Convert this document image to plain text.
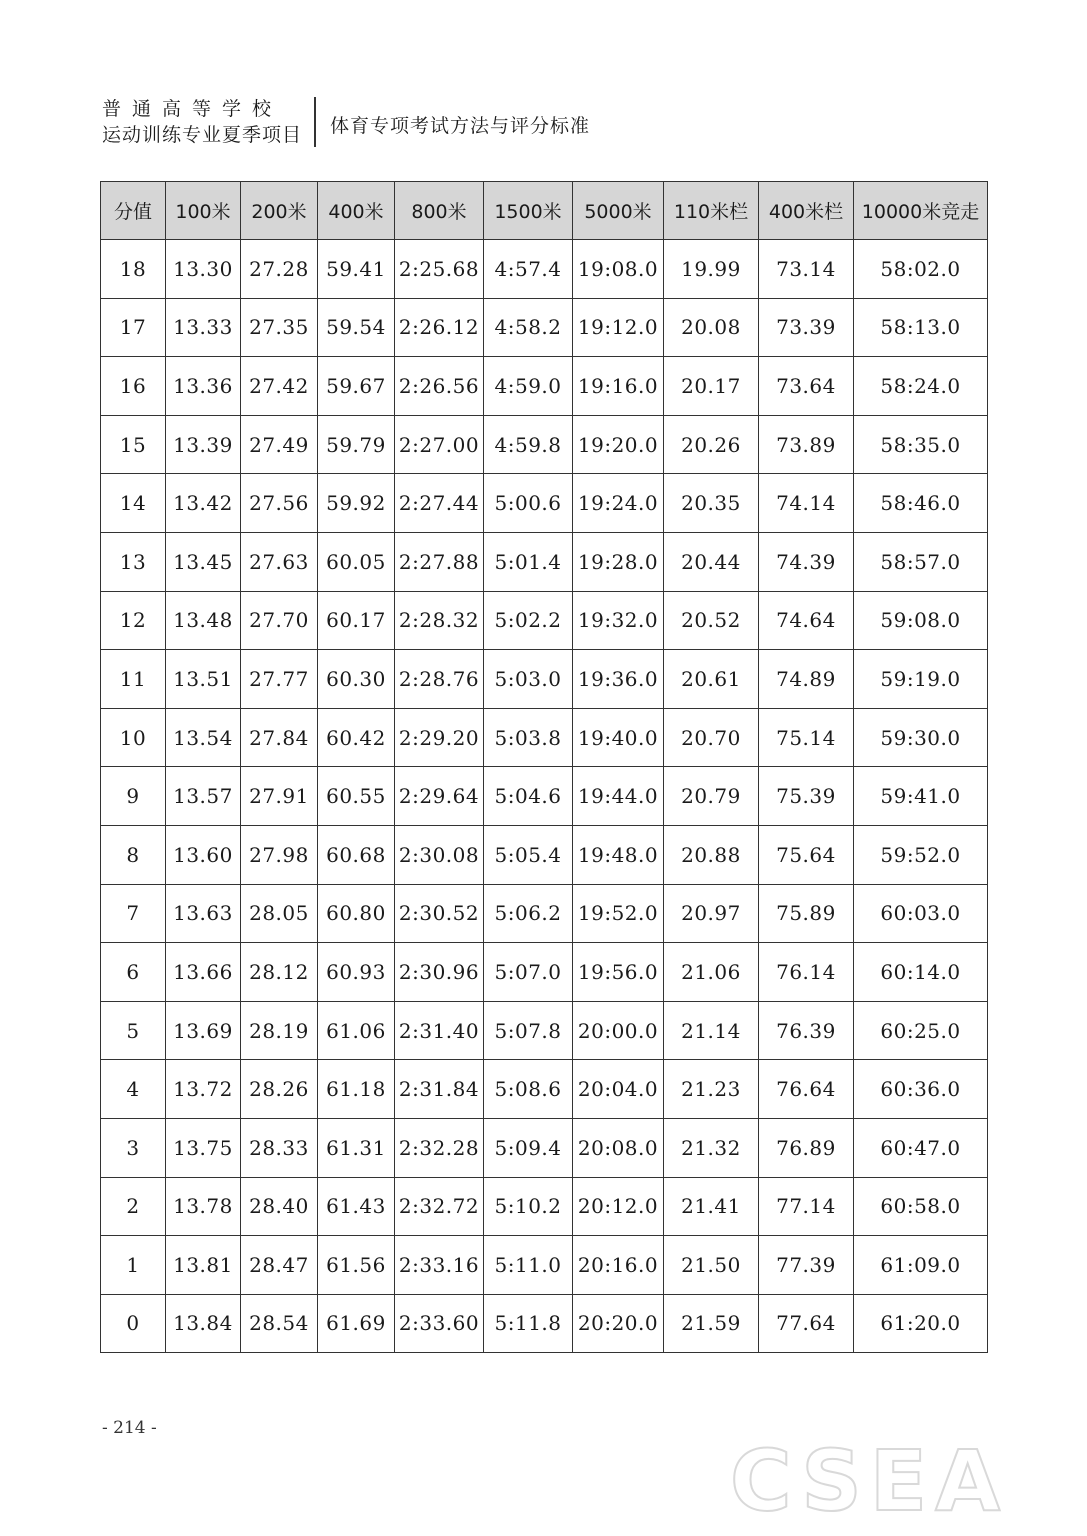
普通高等学校
运动训练专业夏季项目 体育专项考试方法与评分标准
分值	100米	200米	400米	800米	1500米	5000米	110米栏	400米栏	10000米竞走
18	13.30	27.28	59.41	2:25.68	4:57.4	19:08.0	19.99	73.14	58:02.0
17	13.33	27.35	59.54	2:26.12	4:58.2	19:12.0	20.08	73.39	58:13.0
16	13.36	27.42	59.67	2:26.56	4:59.0	19:16.0	20.17	73.64	58:24.0
15	13.39	27.49	59.79	2:27.00	4:59.8	19:20.0	20.26	73.89	58:35.0
14	13.42	27.56	59.92	2:27.44	5:00.6	19:24.0	20.35	74.14	58:46.0
13	13.45	27.63	60.05	2:27.88	5:01.4	19:28.0	20.44	74.39	58:57.0
12	13.48	27.70	60.17	2:28.32	5:02.2	19:32.0	20.52	74.64	59:08.0
11	13.51	27.77	60.30	2:28.76	5:03.0	19:36.0	20.61	74.89	59:19.0
10	13.54	27.84	60.42	2:29.20	5:03.8	19:40.0	20.70	75.14	59:30.0
9	13.57	27.91	60.55	2:29.64	5:04.6	19:44.0	20.79	75.39	59:41.0
8	13.60	27.98	60.68	2:30.08	5:05.4	19:48.0	20.88	75.64	59:52.0
7	13.63	28.05	60.80	2:30.52	5:06.2	19:52.0	20.97	75.89	60:03.0
6	13.66	28.12	60.93	2:30.96	5:07.0	19:56.0	21.06	76.14	60:14.0
5	13.69	28.19	61.06	2:31.40	5:07.8	20:00.0	21.14	76.39	60:25.0
4	13.72	28.26	61.18	2:31.84	5:08.6	20:04.0	21.23	76.64	60:36.0
3	13.75	28.33	61.31	2:32.28	5:09.4	20:08.0	21.32	76.89	60:47.0
2	13.78	28.40	61.43	2:32.72	5:10.2	20:12.0	21.41	77.14	60:58.0
1	13.81	28.47	61.56	2:33.16	5:11.0	20:16.0	21.50	77.39	61:09.0
0	13.84	28.54	61.69	2:33.60	5:11.8	20:20.0	21.59	77.64	61:20.0
- 214 -
CSEA
